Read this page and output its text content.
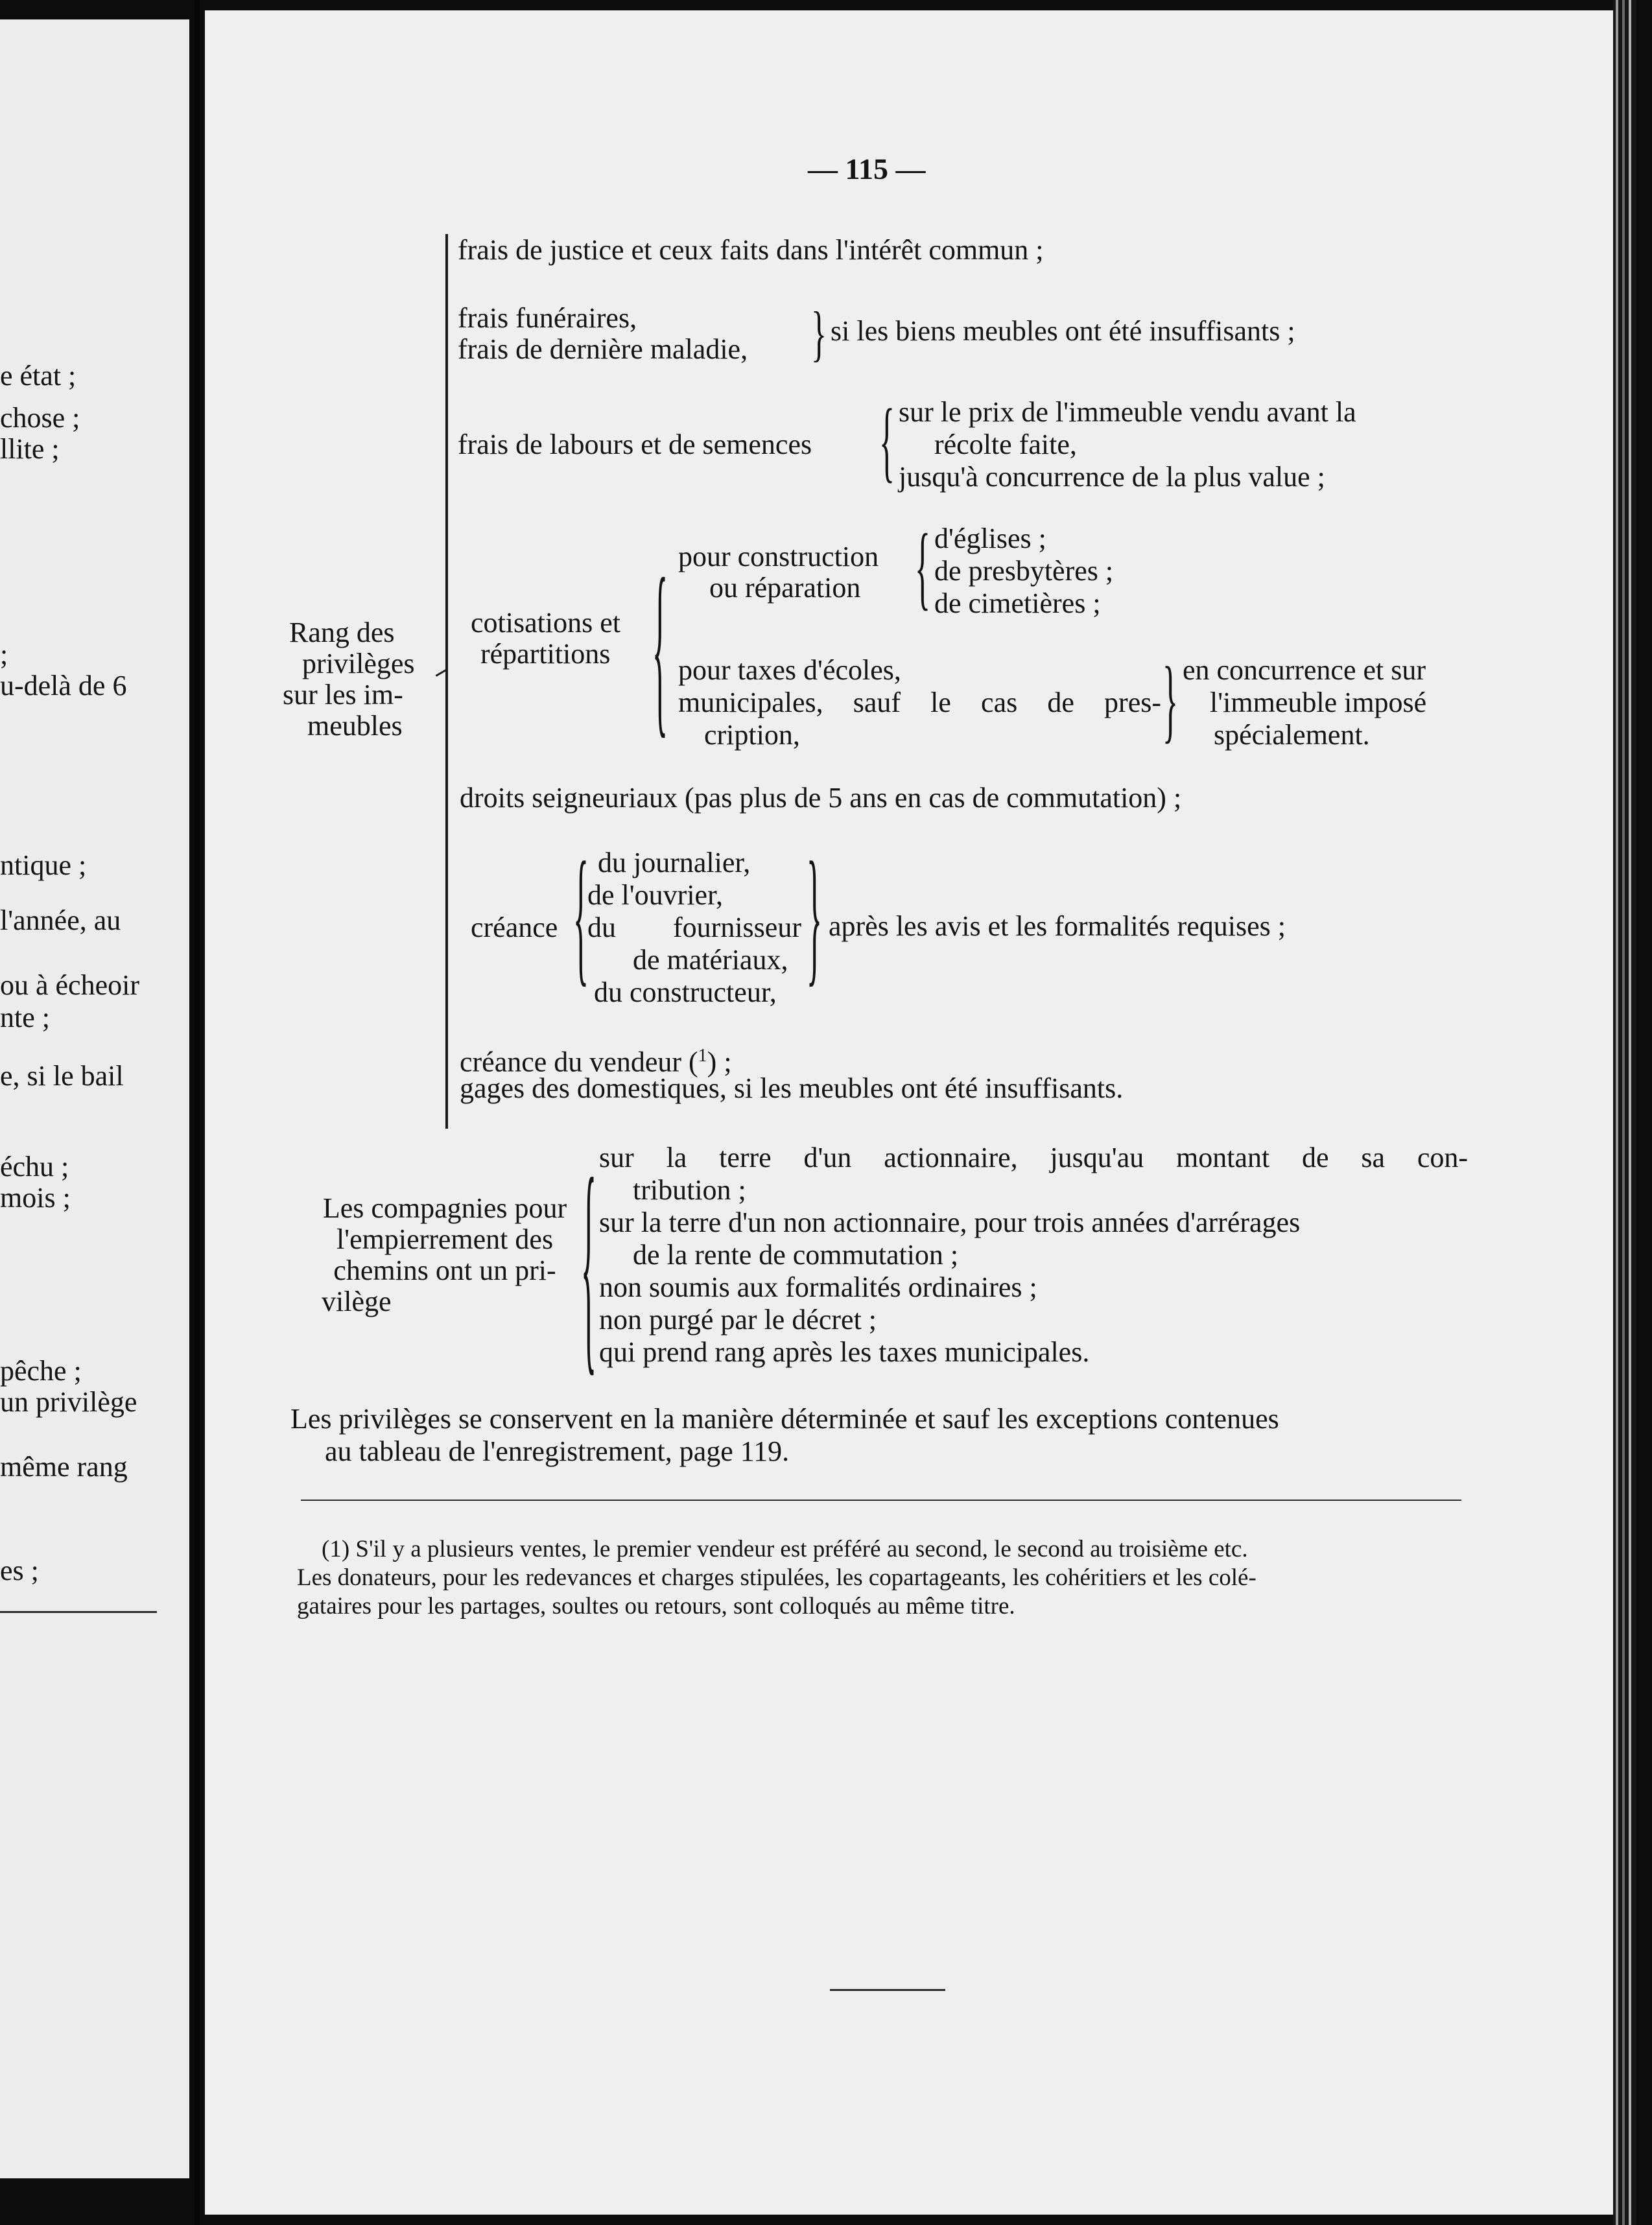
e état ;
chose ;
llite ;
;
u-delà de 6
ntique ;
l'année, au
ou à écheoir
nte ;
e, si le bail
échu ;
mois ;
pêche ;
un privilège
même rang
es ;
— 115 —
frais de justice et ceux faits dans l'intérêt commun ;
frais funéraires,
frais de dernière maladie, } si les biens meubles ont été insuffisants ;
frais de labours et de semences { sur le prix de l'immeuble vendu avant la
récolte faite,
jusqu'à concurrence de la plus value ;
Rang des
privilèges
sur les im-
meubles
cotisations et
répartitions { pour construction
ou réparation { d'églises ;
de presbytères ;
de cimetières ;
pour taxes d'écoles,
municipales, sauf le cas de pres-
cription,	} en concurrence et sur
l'immeuble imposé
spécialement.
droits seigneuriaux (pas plus de 5 ans en cas de commutation) ;
créance { du journalier,
de l'ouvrier,
du fournisseur
de matériaux,
du constructeur, } après les avis et les formalités requises ;
créance du vendeur ($^1$) ;
gages des domestiques, si les meubles ont été insuffisants.
Les compagnies pour
l'empierrement des
chemins ont un pri-
vilège	{ sur la terre d'un actionnaire, jusqu'au montant de sa con-
tribution ;
sur la terre d'un non actionnaire, pour trois années d'arrérages
de la rente de commutation ;
non soumis aux formalités ordinaires ;
non purgé par le décret ;
qui prend rang après les taxes municipales.
Les privilèges se conservent en la manière déterminée et sauf les exceptions contenues
au tableau de l'enregistrement, page 119.
(1) S'il y a plusieurs ventes, le premier vendeur est préféré au second, le second au troisième etc.
Les donateurs, pour les redevances et charges stipulées, les copartageants, les cohéritiers et les colé-
gataires pour les partages, soultes ou retours, sont colloqués au même titre.
